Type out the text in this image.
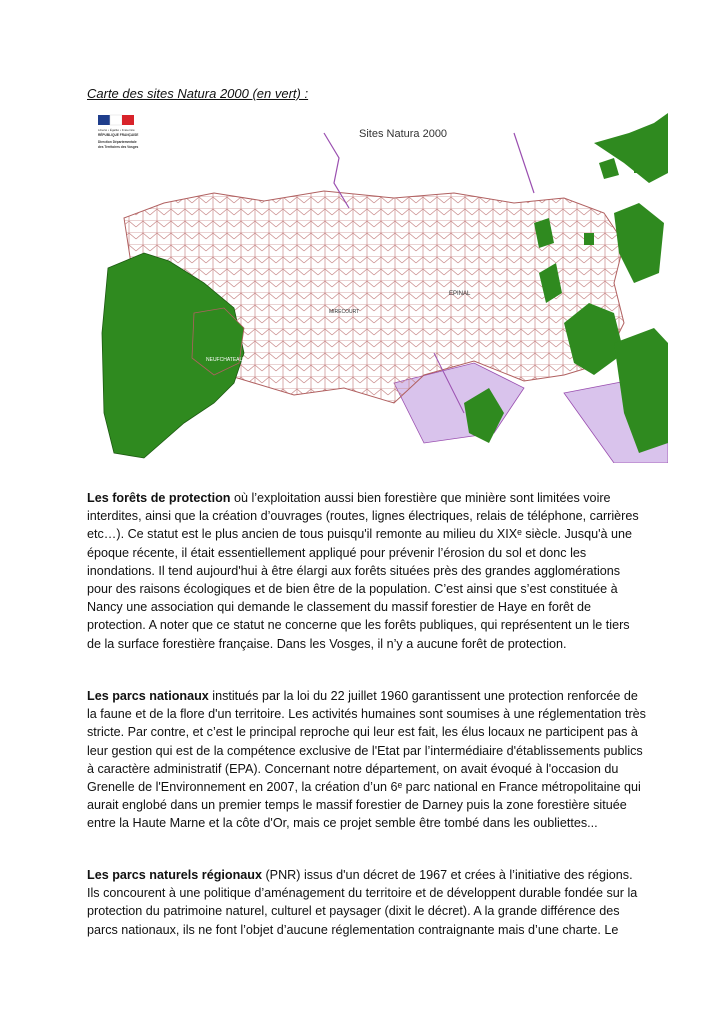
Carte des sites Natura 2000 (en vert) :
Sites Natura 2000
EPINAL
NEUFCHATEAU
MIRECOURT
Liberté • Égalité • Fraternité
RÉPUBLIQUE FRANÇAISE
Direction Départementale
des Territoires des Vosges

Les forêts de protection où l’exploitation aussi bien forestière que minière sont limitées voire interdites, ainsi que la création d’ouvrages (routes, lignes électriques, relais de téléphone, carrières etc…). Ce statut est le plus ancien de tous puisqu'il remonte au milieu du XIXᵉ siècle. Jusqu'à une époque récente, il était essentiellement appliqué pour prévenir l’érosion du sol et donc les inondations. Il tend aujourd'hui à être élargi aux forêts situées près des grandes agglomérations pour des raisons écologiques et de bien être de la population. C’est ainsi que s’est constituée à Nancy une association qui demande le classement du massif forestier de Haye en forêt de protection. A noter que ce statut ne concerne que les forêts publiques, qui représentent un le tiers de la surface forestière française. Dans les Vosges, il n’y a aucune forêt de protection.

Les parcs nationaux institués par la loi du 22 juillet 1960 garantissent une protection renforcée de la faune et de la flore d'un territoire. Les activités humaines sont soumises à une réglementation très stricte. Par contre, et c’est le principal reproche qui leur est fait, les élus locaux ne participent pas à leur gestion qui est de la compétence exclusive de l'Etat par l’intermédiaire d'établissements publics à caractère administratif (EPA). Concernant notre département, on avait évoqué à l'occasion du Grenelle de l'Environnement en 2007, la création d’un 6ᵉ parc national en France métropolitaine qui aurait englobé dans un premier temps le massif forestier de Darney puis la zone forestière située entre la Haute Marne et la côte d'Or, mais ce projet semble être tombé dans les oubliettes...

Les parcs naturels régionaux (PNR) issus d'un décret de 1967 et crées à l’initiative des régions. Ils concourent à une politique d’aménagement du territoire et de développent durable fondée sur la protection du patrimoine naturel, culturel et paysager (dixit le décret). A la grande différence des parcs nationaux, ils ne font l’objet d’aucune réglementation contraignante mais d’une charte. Le
